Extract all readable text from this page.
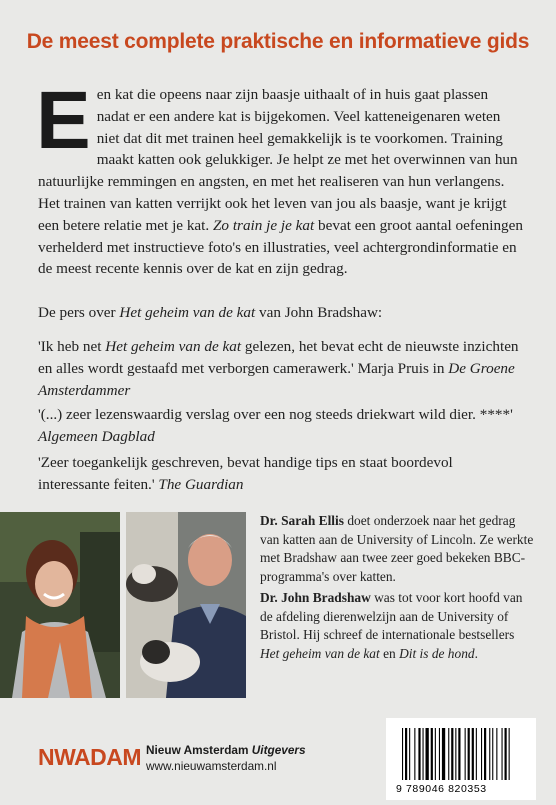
De meest complete praktische en informatieve gids
E en kat die opeens naar zijn baasje uithaalt of in huis gaat plassen nadat er een andere kat is bijgekomen. Veel katteneigenaren weten niet dat dit met trainen heel gemakkelijk is te voorkomen. Training maakt katten ook gelukkiger. Je helpt ze met het overwinnen van hun natuurlijke remmingen en angsten, en met het realiseren van hun verlangens. Het trainen van katten verrijkt ook het leven van jou als baasje, want je krijgt een betere relatie met je kat. Zo train je je kat bevat een groot aantal oefeningen verhelderd met instructieve foto's en illustraties, veel achtergrondinformatie en de meest recente kennis over de kat en zijn gedrag.
De pers over Het geheim van de kat van John Bradshaw:
'Ik heb net Het geheim van de kat gelezen, het bevat echt de nieuwste inzichten en alles wordt gestaafd met verborgen camerawerk.' Marja Pruis in De Groene Amsterdammer
'(...) zeer lezenswaardig verslag over een nog steeds driekwart wild dier. ****' Algemeen Dagblad
'Zeer toegankelijk geschreven, bevat handige tips en staat boordevol interessante feiten.' The Guardian
Dr. Sarah Ellis doet onderzoek naar het gedrag van katten aan de University of Lincoln. Ze werkte met Bradshaw aan twee zeer goed bekeken BBC-programma's over katten.
Dr. John Bradshaw was tot voor kort hoofd van de afdeling dierenwelzijn aan de University of Bristol. Hij schreef de internationale bestsellers Het geheim van de kat en Dit is de hond.
NWADAM Nieuw Amsterdam Uitgevers
www.nieuwamsterdam.nl
9 789046 820353
